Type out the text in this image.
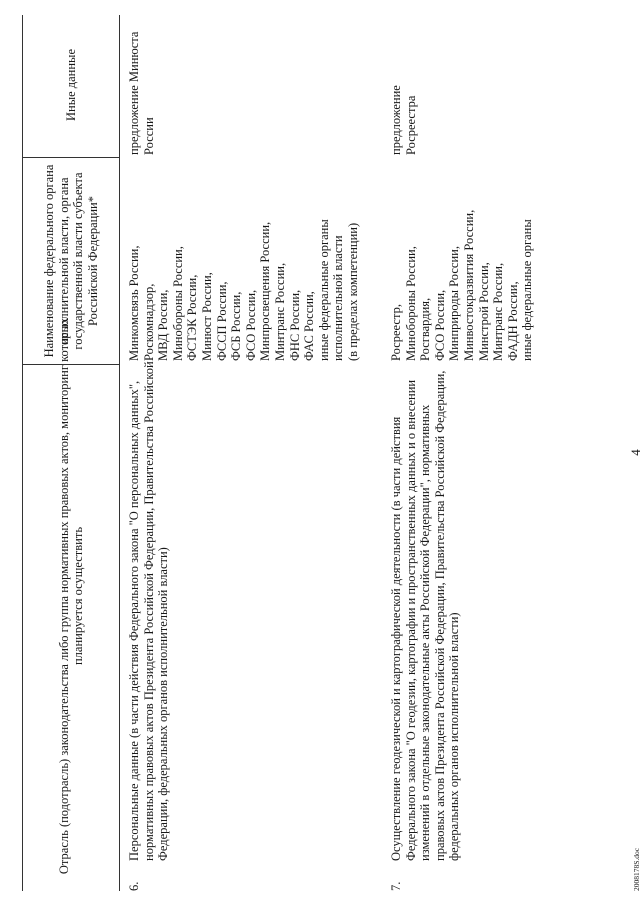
Отрасль (подотрасль) законодательства либо группа нормативных правовых актов, мониторинг которых планируется осуществить
Наименование федерального органа исполнительной власти, органа государственной власти субъекта Российской Федерации*
Иные данные
6.
Персональные данные (в части действия Федерального закона "О персональных данных", нормативных правовых актов Президента Российской Федерации, Правительства Российской Федерации, федеральных органов исполнительной власти)
Минкомсвязь России, Роскомнадзор, МВД России, Минобороны России, ФСТЭК России, Минюст России, ФССП России, ФСБ России, ФСО России, Минпросвещения России, Минтранс России, ФНС России, ФАС России, иные федеральные органы исполнительной власти (в пределах компетенции)
предложение Минюста России
7.
Осуществление геодезической и картографической деятельности (в части действия Федерального закона "О геодезии, картографии и пространственных данных и о внесении изменений в отдельные законодательные акты Российской Федерации", нормативных правовых актов Президента Российской Федерации, Правительства Российской Федерации, федеральных органов исполнительной власти)
Росреестр, Минобороны России, Росгвардия, ФСО России, Минприроды России, Минвостокразвития России, Минстрой России, Минтранс России, ФАДН России, иные федеральные органы
предложение Росреестра
4
2008178S.doc
